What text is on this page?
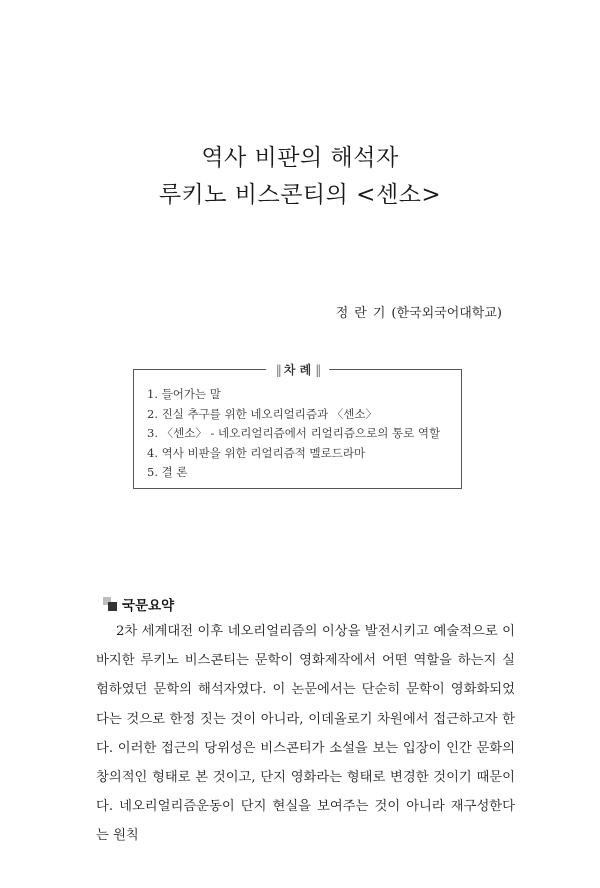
역사 비판의 해석자
루키노 비스콘티의 <센소>
정란기(한국외국어대학교)
|| 차 례 ||
1. 들어가는 말
2. 진실 추구를 위한 네오리얼리즘과 〈센소〉
3. 〈센소〉 - 네오리얼리즘에서 리얼리즘으로의 통로 역할
4. 역사 비판을 위한 리얼리즘적 멜로드라마
5. 결 론
국문요약

2차 세계대전 이후 네오리얼리즘의 이상을 발전시키고 예술적으로 이바지한 루키노 비스콘티는 문학이 영화제작에서 어떤 역할을 하는지 실험하였던 문학의 해석자였다. 이 논문에서는 단순히 문학이 영화화되었다는 것으로 한정 짓는 것이 아니라, 이데올로기 차원에서 접근하고자 한다. 이러한 접근의 당위성은 비스콘티가 소설을 보는 입장이 인간 문화의 창의적인 형태로 본 것이고, 단지 영화라는 형태로 변경한 것이기 때문이다. 네오리얼리즘운동이 단지 현실을 보여주는 것이 아니라 재구성한다는 원칙
